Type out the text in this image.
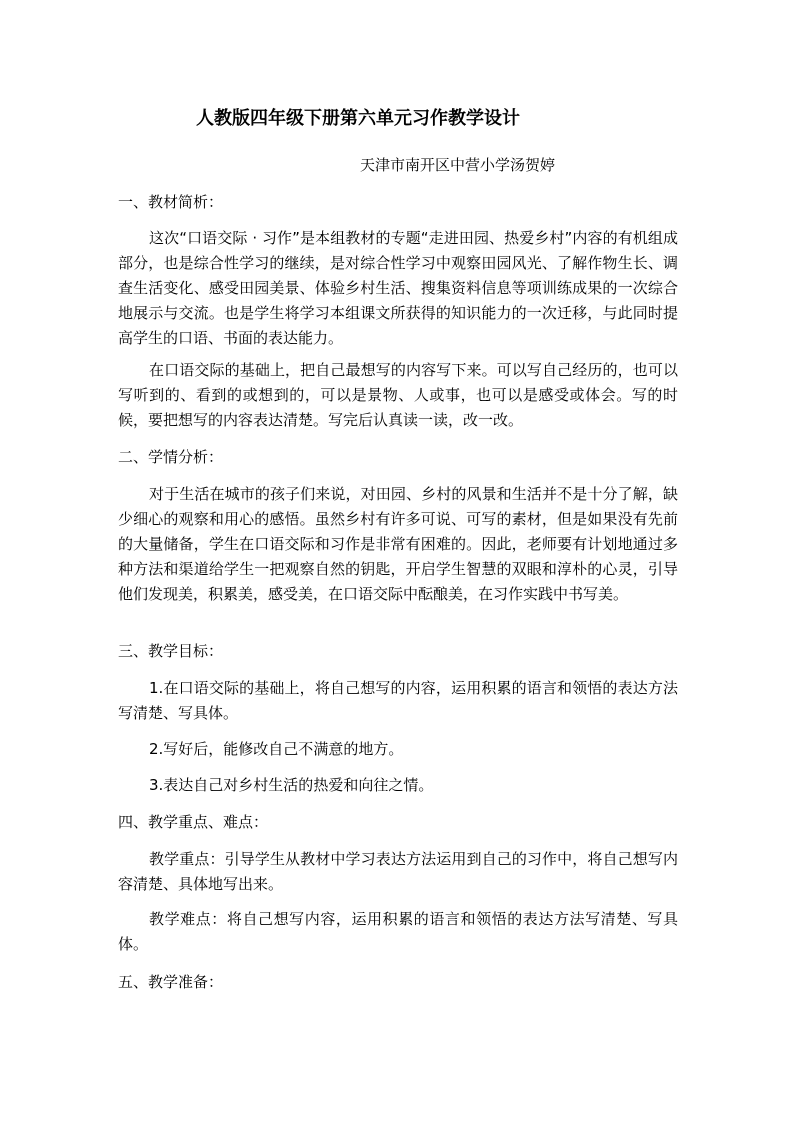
人教版四年级下册第六单元习作教学设计
天津市南开区中营小学汤贺婷
一、教材简析：
这次“口语交际 · 习作”是本组教材的专题“走进田园、热爱乡村”内容的有机组成部分，也是综合性学习的继续，是对综合性学习中观察田园风光、了解作物生长、调查生活变化、感受田园美景、体验乡村生活、搜集资料信息等项训练成果的一次综合地展示与交流。也是学生将学习本组课文所获得的知识能力的一次迁移，与此同时提高学生的口语、书面的表达能力。
在口语交际的基础上，把自己最想写的内容写下来。可以写自己经历的，也可以写听到的、看到的或想到的，可以是景物、人或事，也可以是感受或体会。写的时候，要把想写的内容表达清楚。写完后认真读一读，改一改。
二、学情分析：
对于生活在城市的孩子们来说，对田园、乡村的风景和生活并不是十分了解，缺少细心的观察和用心的感悟。虽然乡村有许多可说、可写的素材，但是如果没有先前的大量储备，学生在口语交际和习作是非常有困难的。因此，老师要有计划地通过多种方法和渠道给学生一把观察自然的钥匙，开启学生智慧的双眼和淳朴的心灵，引导他们发现美，积累美，感受美，在口语交际中酝酿美，在习作实践中书写美。
三、教学目标：
1.在口语交际的基础上，将自己想写的内容，运用积累的语言和领悟的表达方法写清楚、写具体。
2.写好后，能修改自己不满意的地方。
3.表达自己对乡村生活的热爱和向往之情。
四、教学重点、难点：
教学重点：引导学生从教材中学习表达方法运用到自己的习作中，将自己想写内容清楚、具体地写出来。
教学难点：将自己想写内容，运用积累的语言和领悟的表达方法写清楚、写具体。
五、教学准备：
